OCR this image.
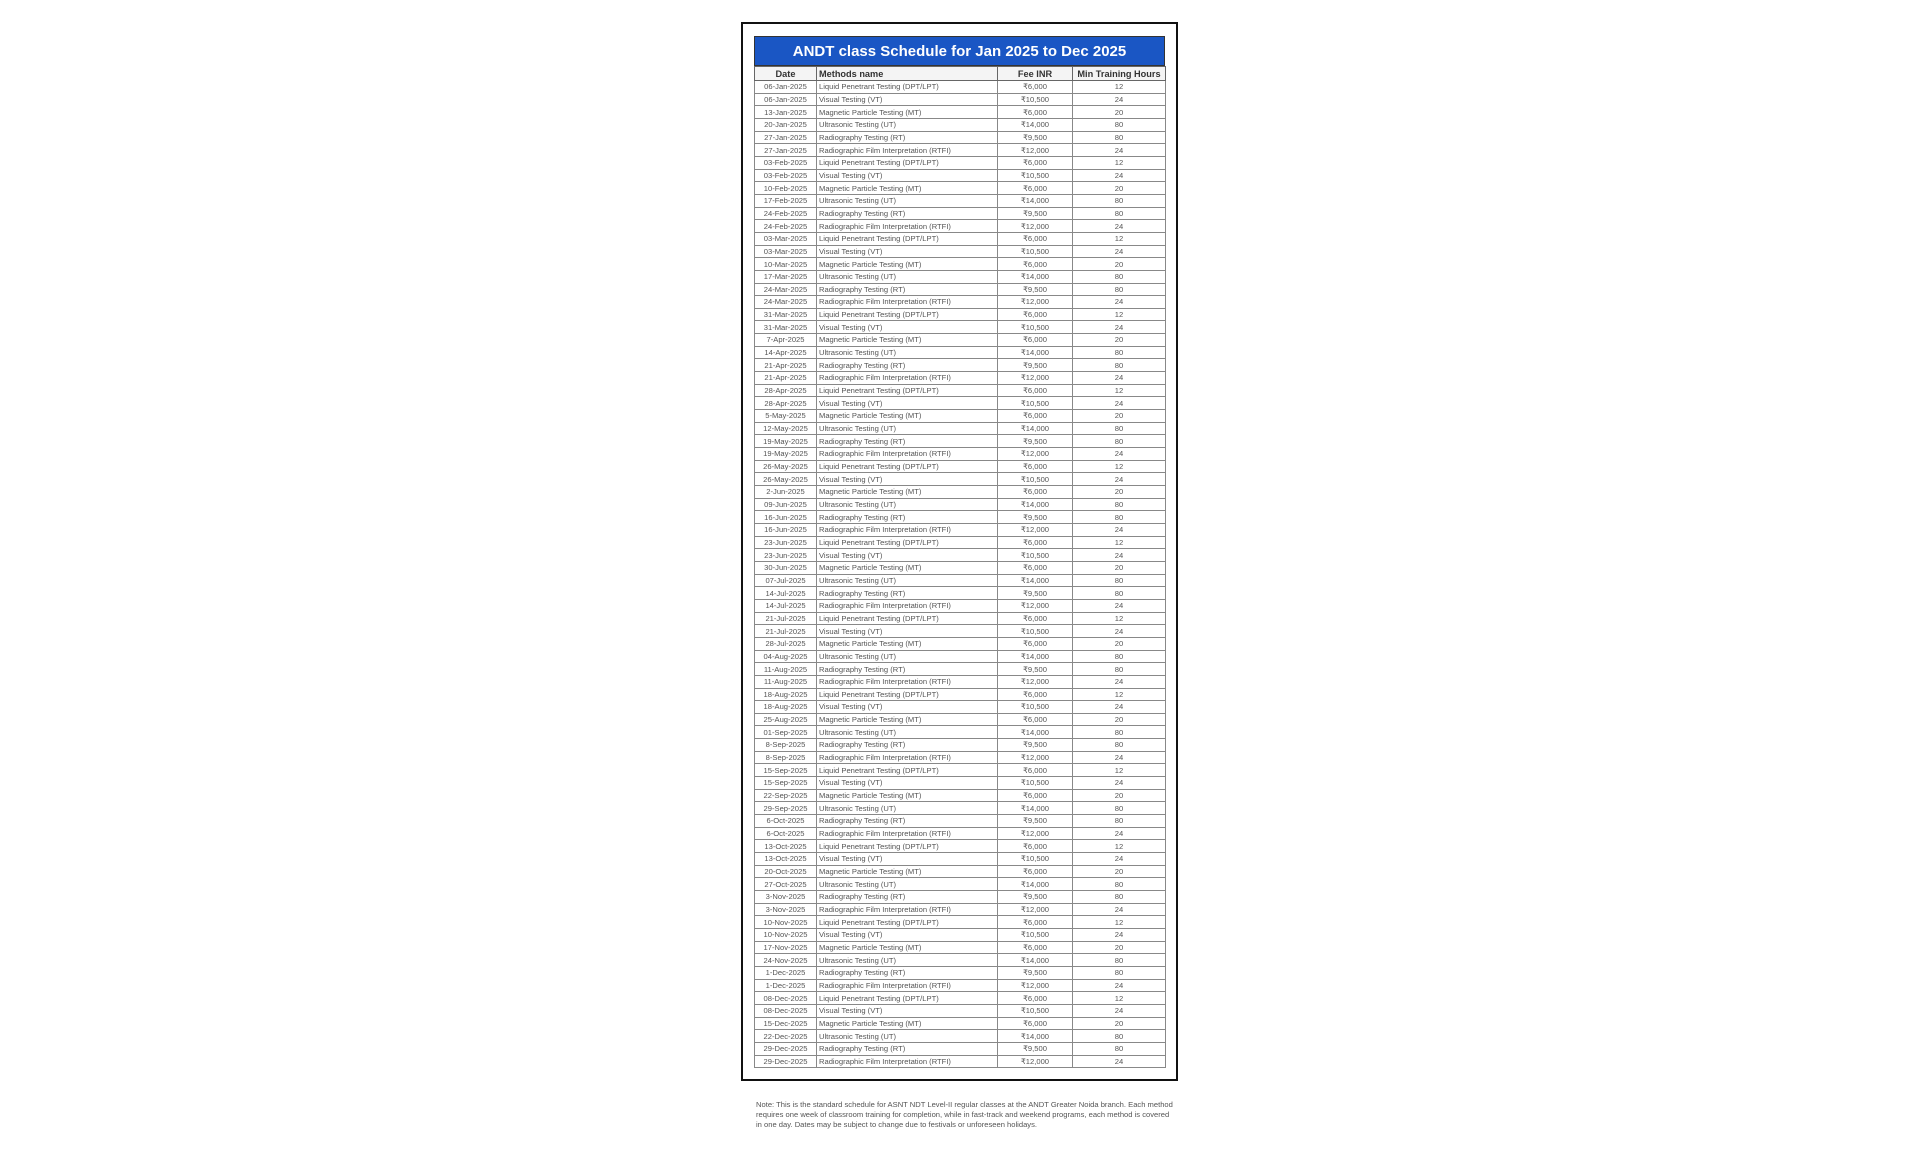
ANDT class Schedule for Jan 2025 to Dec 2025
Date	Methods name	Fee INR	Min Training Hours
06-Jan-2025	Liquid Penetrant Testing (DPT/LPT)	₹6,000	12
06-Jan-2025	Visual Testing (VT)	₹10,500	24
13-Jan-2025	Magnetic Particle Testing (MT)	₹6,000	20
20-Jan-2025	Ultrasonic Testing (UT)	₹14,000	80
27-Jan-2025	Radiography Testing (RT)	₹9,500	80
27-Jan-2025	Radiographic Film Interpretation (RTFI)	₹12,000	24
03-Feb-2025	Liquid Penetrant Testing (DPT/LPT)	₹6,000	12
03-Feb-2025	Visual Testing (VT)	₹10,500	24
10-Feb-2025	Magnetic Particle Testing (MT)	₹6,000	20
17-Feb-2025	Ultrasonic Testing (UT)	₹14,000	80
24-Feb-2025	Radiography Testing (RT)	₹9,500	80
24-Feb-2025	Radiographic Film Interpretation (RTFI)	₹12,000	24
03-Mar-2025	Liquid Penetrant Testing (DPT/LPT)	₹6,000	12
03-Mar-2025	Visual Testing (VT)	₹10,500	24
10-Mar-2025	Magnetic Particle Testing (MT)	₹6,000	20
17-Mar-2025	Ultrasonic Testing (UT)	₹14,000	80
24-Mar-2025	Radiography Testing (RT)	₹9,500	80
24-Mar-2025	Radiographic Film Interpretation (RTFI)	₹12,000	24
31-Mar-2025	Liquid Penetrant Testing (DPT/LPT)	₹6,000	12
31-Mar-2025	Visual Testing (VT)	₹10,500	24
7-Apr-2025	Magnetic Particle Testing (MT)	₹6,000	20
14-Apr-2025	Ultrasonic Testing (UT)	₹14,000	80
21-Apr-2025	Radiography Testing (RT)	₹9,500	80
21-Apr-2025	Radiographic Film Interpretation (RTFI)	₹12,000	24
28-Apr-2025	Liquid Penetrant Testing (DPT/LPT)	₹6,000	12
28-Apr-2025	Visual Testing (VT)	₹10,500	24
5-May-2025	Magnetic Particle Testing (MT)	₹6,000	20
12-May-2025	Ultrasonic Testing (UT)	₹14,000	80
19-May-2025	Radiography Testing (RT)	₹9,500	80
19-May-2025	Radiographic Film Interpretation (RTFI)	₹12,000	24
26-May-2025	Liquid Penetrant Testing (DPT/LPT)	₹6,000	12
26-May-2025	Visual Testing (VT)	₹10,500	24
2-Jun-2025	Magnetic Particle Testing (MT)	₹6,000	20
09-Jun-2025	Ultrasonic Testing (UT)	₹14,000	80
16-Jun-2025	Radiography Testing (RT)	₹9,500	80
16-Jun-2025	Radiographic Film Interpretation (RTFI)	₹12,000	24
23-Jun-2025	Liquid Penetrant Testing (DPT/LPT)	₹6,000	12
23-Jun-2025	Visual Testing (VT)	₹10,500	24
30-Jun-2025	Magnetic Particle Testing (MT)	₹6,000	20
07-Jul-2025	Ultrasonic Testing (UT)	₹14,000	80
14-Jul-2025	Radiography Testing (RT)	₹9,500	80
14-Jul-2025	Radiographic Film Interpretation (RTFI)	₹12,000	24
21-Jul-2025	Liquid Penetrant Testing (DPT/LPT)	₹6,000	12
21-Jul-2025	Visual Testing (VT)	₹10,500	24
28-Jul-2025	Magnetic Particle Testing (MT)	₹6,000	20
04-Aug-2025	Ultrasonic Testing (UT)	₹14,000	80
11-Aug-2025	Radiography Testing (RT)	₹9,500	80
11-Aug-2025	Radiographic Film Interpretation (RTFI)	₹12,000	24
18-Aug-2025	Liquid Penetrant Testing (DPT/LPT)	₹6,000	12
18-Aug-2025	Visual Testing (VT)	₹10,500	24
25-Aug-2025	Magnetic Particle Testing (MT)	₹6,000	20
01-Sep-2025	Ultrasonic Testing (UT)	₹14,000	80
8-Sep-2025	Radiography Testing (RT)	₹9,500	80
8-Sep-2025	Radiographic Film Interpretation (RTFI)	₹12,000	24
15-Sep-2025	Liquid Penetrant Testing (DPT/LPT)	₹6,000	12
15-Sep-2025	Visual Testing (VT)	₹10,500	24
22-Sep-2025	Magnetic Particle Testing (MT)	₹6,000	20
29-Sep-2025	Ultrasonic Testing (UT)	₹14,000	80
6-Oct-2025	Radiography Testing (RT)	₹9,500	80
6-Oct-2025	Radiographic Film Interpretation (RTFI)	₹12,000	24
13-Oct-2025	Liquid Penetrant Testing (DPT/LPT)	₹6,000	12
13-Oct-2025	Visual Testing (VT)	₹10,500	24
20-Oct-2025	Magnetic Particle Testing (MT)	₹6,000	20
27-Oct-2025	Ultrasonic Testing (UT)	₹14,000	80
3-Nov-2025	Radiography Testing (RT)	₹9,500	80
3-Nov-2025	Radiographic Film Interpretation (RTFI)	₹12,000	24
10-Nov-2025	Liquid Penetrant Testing (DPT/LPT)	₹6,000	12
10-Nov-2025	Visual Testing (VT)	₹10,500	24
17-Nov-2025	Magnetic Particle Testing (MT)	₹6,000	20
24-Nov-2025	Ultrasonic Testing (UT)	₹14,000	80
1-Dec-2025	Radiography Testing (RT)	₹9,500	80
1-Dec-2025	Radiographic Film Interpretation (RTFI)	₹12,000	24
08-Dec-2025	Liquid Penetrant Testing (DPT/LPT)	₹6,000	12
08-Dec-2025	Visual Testing (VT)	₹10,500	24
15-Dec-2025	Magnetic Particle Testing (MT)	₹6,000	20
22-Dec-2025	Ultrasonic Testing (UT)	₹14,000	80
29-Dec-2025	Radiography Testing (RT)	₹9,500	80
29-Dec-2025	Radiographic Film Interpretation (RTFI)	₹12,000	24
Note: This is the standard schedule for ASNT NDT Level-II regular classes at the ANDT Greater Noida branch. Each method requires one week of classroom training for completion, while in fast-track and weekend programs, each method is covered in one day. Dates may be subject to change due to festivals or unforeseen holidays.
